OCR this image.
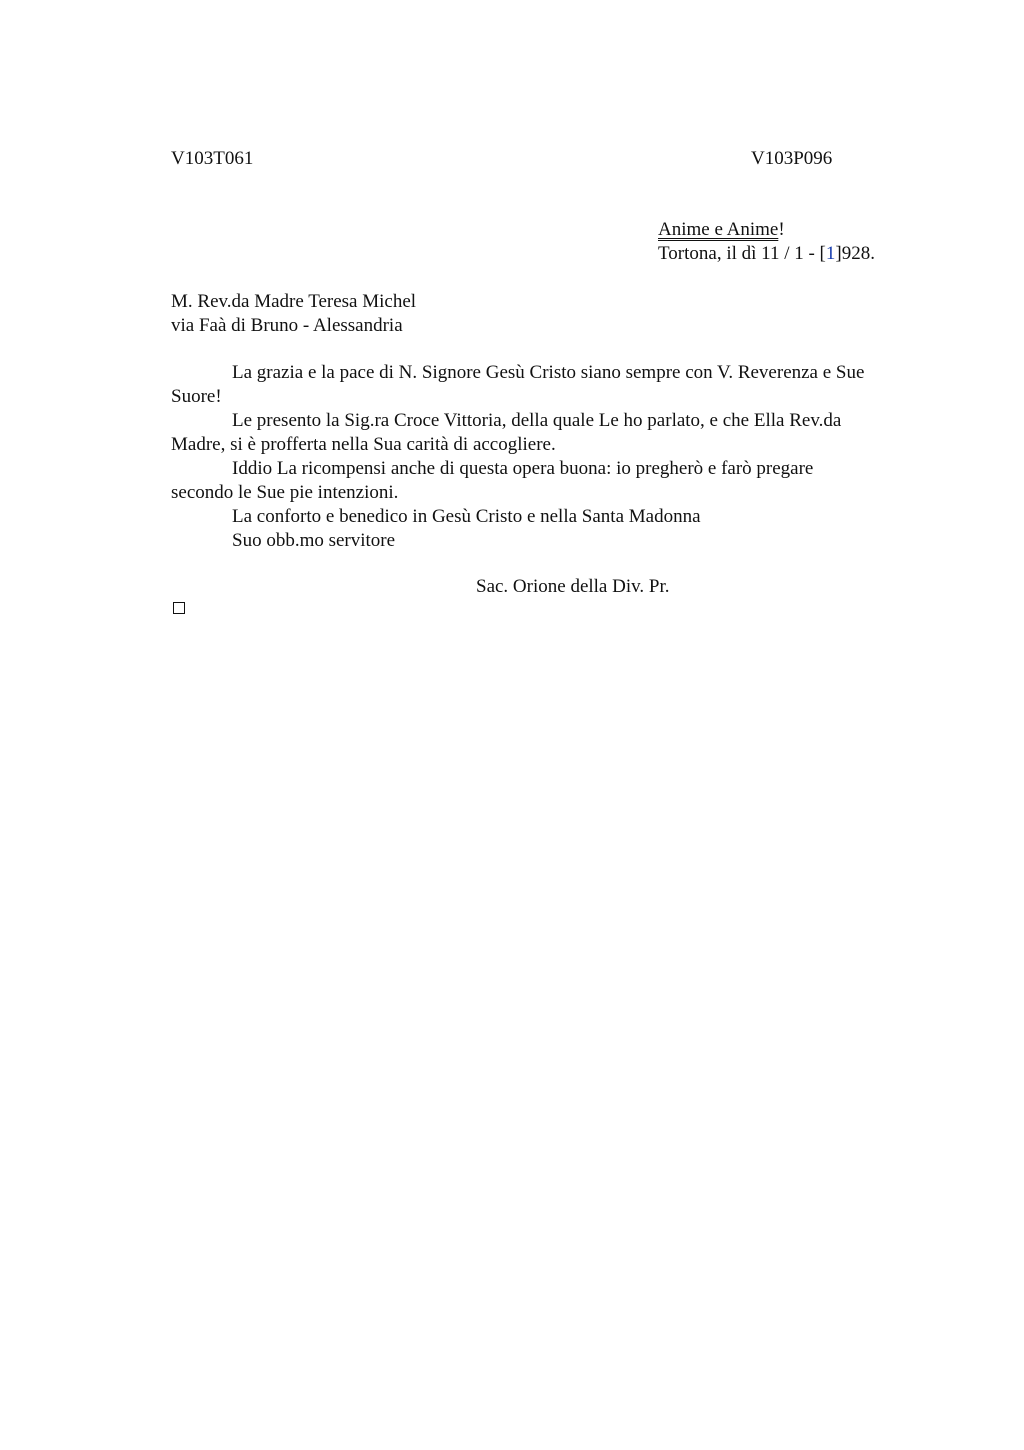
V103T061	V103P096
Anime e Anime!
Tortona, il dì 11 / 1 - [1]928.
M. Rev.da Madre Teresa Michel
via Faà di Bruno - Alessandria
La grazia e la pace di N. Signore Gesù Cristo siano sempre con V. Reverenza e Sue
Suore!
Le presento la Sig.ra Croce Vittoria, della quale Le ho parlato, e che Ella Rev.da
Madre, si è profferta nella Sua carità di accogliere.
Iddio La ricompensi anche di questa opera buona: io pregherò e farò pregare
secondo le Sue pie intenzioni.
La conforto e benedico in Gesù Cristo e nella Santa Madonna
Suo obb.mo servitore
Sac. Orione della Div. Pr.
